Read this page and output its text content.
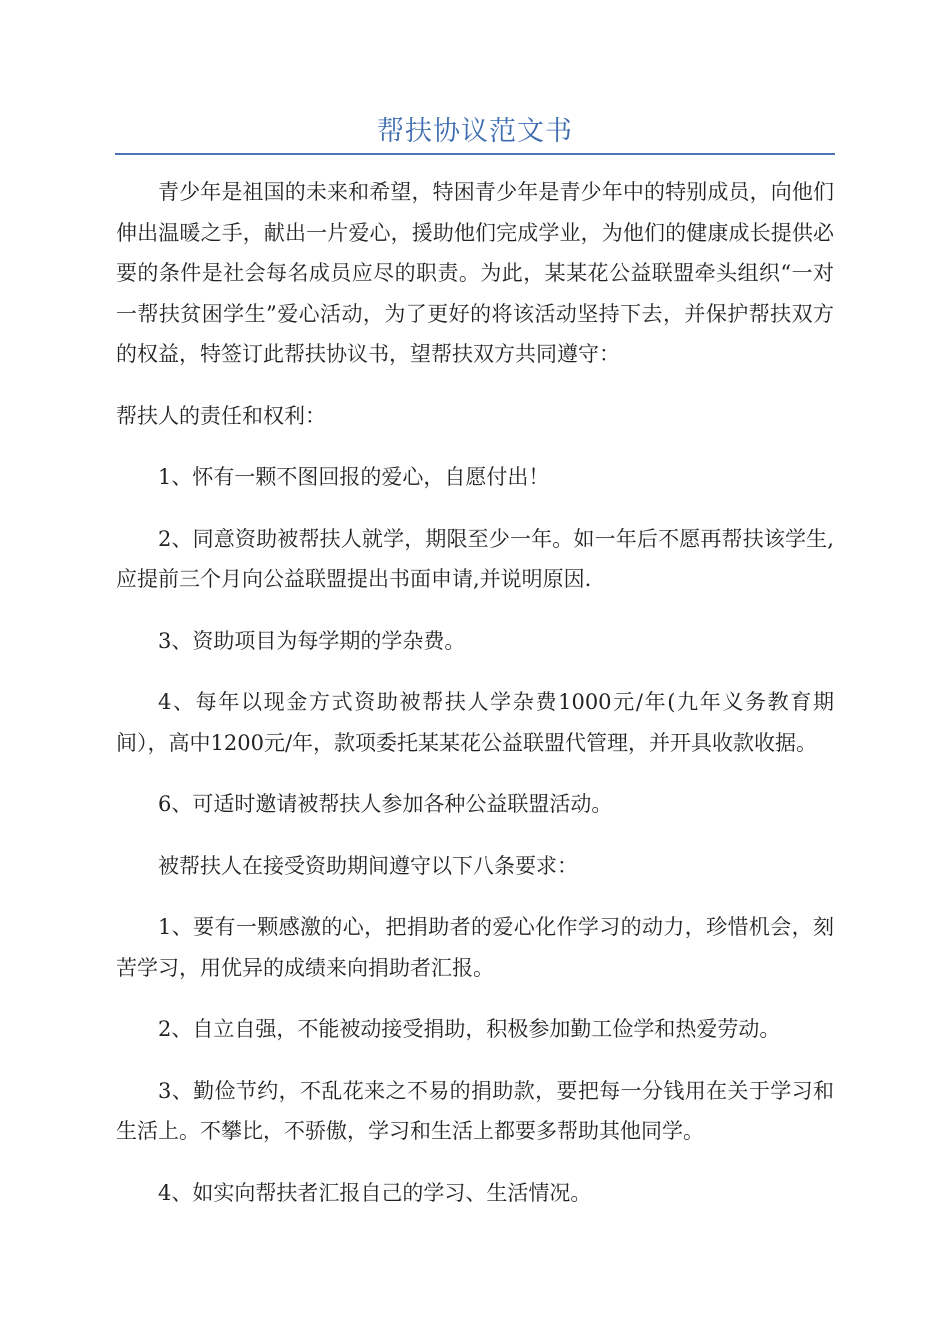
帮扶协议范文书

青少年是祖国的未来和希望，特困青少年是青少年中的特别成员，向他们伸出温暖之手，献出一片爱心，援助他们完成学业，为他们的健康成长提供必要的条件是社会每名成员应尽的职责。为此，某某花公益联盟牵头组织“一对一帮扶贫困学生”爱心活动，为了更好的将该活动坚持下去，并保护帮扶双方的权益，特签订此帮扶协议书，望帮扶双方共同遵守：

帮扶人的责任和权利：

1、怀有一颗不图回报的爱心，自愿付出！

2、同意资助被帮扶人就学，期限至少一年。如一年后不愿再帮扶该学生,应提前三个月向公益联盟提出书面申请,并说明原因.

3、资助项目为每学期的学杂费。

4、每年以现金方式资助被帮扶人学杂费1000元/年(九年义务教育期间），高中1200元/年，款项委托某某花公益联盟代管理，并开具收款收据。

6、可适时邀请被帮扶人参加各种公益联盟活动。

被帮扶人在接受资助期间遵守以下八条要求：

1、要有一颗感激的心，把捐助者的爱心化作学习的动力，珍惜机会，刻苦学习，用优异的成绩来向捐助者汇报。

2、自立自强，不能被动接受捐助，积极参加勤工俭学和热爱劳动。

3、勤俭节约，不乱花来之不易的捐助款，要把每一分钱用在关于学习和生活上。不攀比，不骄傲，学习和生活上都要多帮助其他同学。

4、如实向帮扶者汇报自己的学习、生活情况。
